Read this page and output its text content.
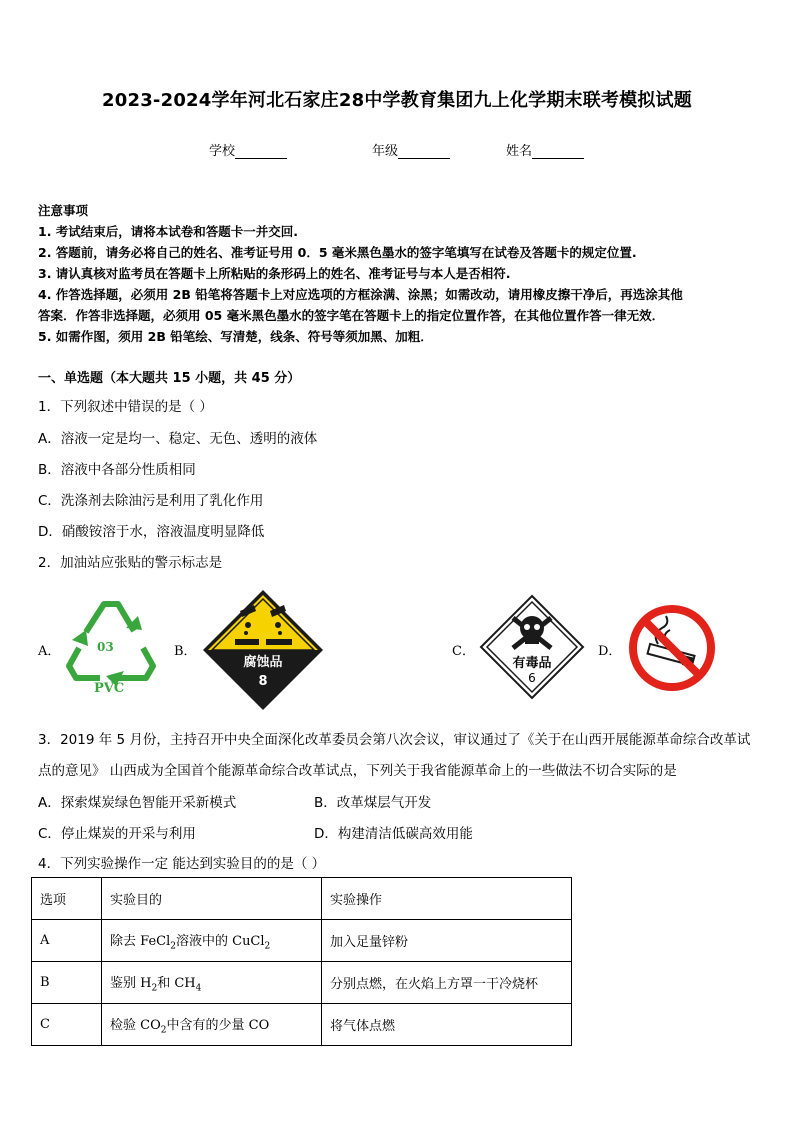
2023-2024学年河北石家庄28中学教育集团九上化学期末联考模拟试题
学校	年级	姓名

注意事项

1. 考试结束后，请将本试卷和答题卡一并交回.

2. 答题前，请务必将自己的姓名、准考证号用 0．5 毫米黑色墨水的签字笔填写在试卷及答题卡的规定位置.

3. 请认真核对监考员在答题卡上所粘贴的条形码上的姓名、准考证号与本人是否相符.

4. 作答选择题，必须用 2B 铅笔将答题卡上对应选项的方框涂满、涂黑；如需改动，请用橡皮擦干净后，再选涂其他

答案．作答非选择题，必须用 05 毫米黑色墨水的签字笔在答题卡上的指定位置作答，在其他位置作答一律无效．

5. 如需作图，须用 2B 铅笔绘、写清楚，线条、符号等须加黑、加粗．

一、单选题（本大题共 15 小题，共 45 分）
1．下列叙述中错误的是（ ）
A．溶液一定是均一、稳定、无色、透明的液体
B．溶液中各部分性质相同
C．洗涤剂去除油污是利用了乳化作用
D．硝酸铵溶于水，溶液温度明显降低
2．加油站应张贴的警示标志是
A．	03
PVC
B．
腐蚀品
8
C．
有毒品
6
D．
3．2019 年 5 月份，主持召开中央全面深化改革委员会第八次会议，审议通过了《关于在山西开展能源革命综合改革试
点的意见》 山西成为全国首个能源革命综合改革试点，下列关于我省能源革命上的一些做法不切合实际的是
A．探索煤炭绿色智能开采新模式	B．改革煤层气开发
C．停止煤炭的开采与利用	D．构建清洁低碳高效用能
4．下列实验操作一定 能达到实验目的的是（ ）
选项	实验目的	实验操作
A	除去 FeCl$_2$溶液中的 CuCl$_2$	加入足量锌粉
B	鉴别 $H_2$和 $CH_4$	分别点燃，在火焰上方罩一干冷烧杯
C	检验 $CO_2$中含有的少量 CO	将气体点燃
